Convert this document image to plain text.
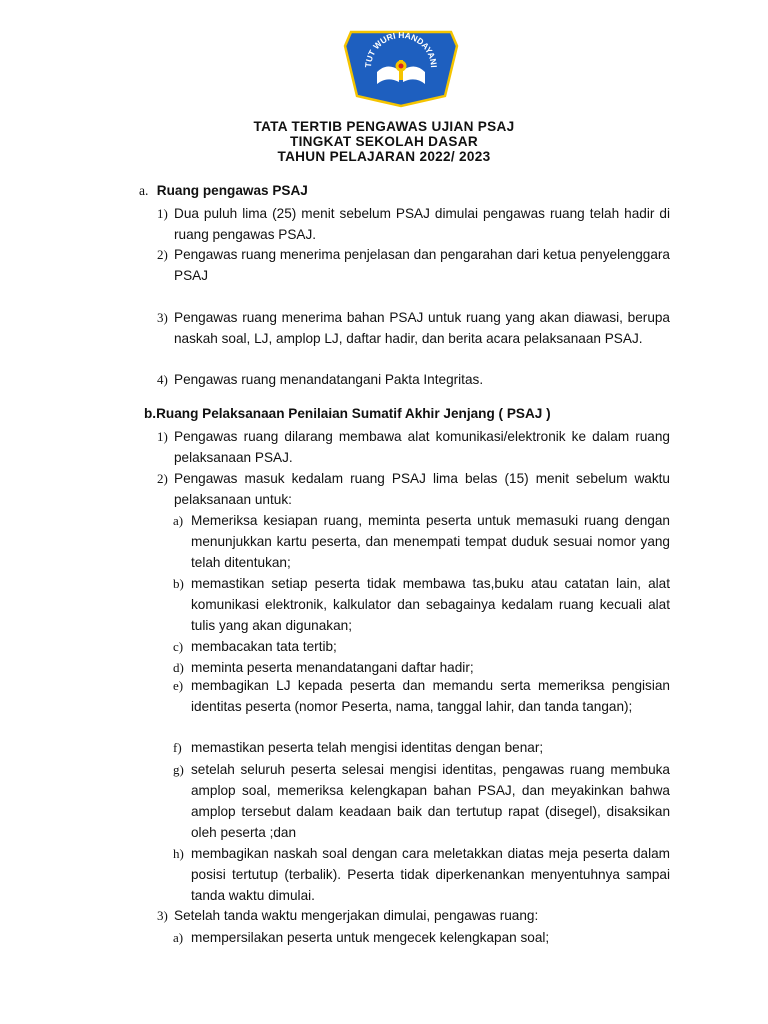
TUT WURI HANDAYANI
TATA TERTIB PENGAWAS UJIAN PSAJ
TINGKAT SEKOLAH DASAR
TAHUN PELAJARAN 2022/ 2023
a. Ruang pengawas PSAJ
1) Dua puluh lima (25) menit sebelum PSAJ dimulai pengawas ruang telah hadir di ruang pengawas PSAJ.
2) Pengawas ruang menerima penjelasan dan pengarahan dari ketua penyelenggara PSAJ
3) Pengawas ruang menerima bahan PSAJ untuk ruang yang akan diawasi, berupa naskah soal, LJ, amplop LJ, daftar hadir, dan berita acara pelaksanaan PSAJ.
4) Pengawas ruang menandatangani Pakta Integritas.
b.Ruang Pelaksanaan Penilaian Sumatif Akhir Jenjang ( PSAJ )
1) Pengawas ruang dilarang membawa alat komunikasi/elektronik ke dalam ruang pelaksanaan PSAJ.
2) Pengawas masuk kedalam ruang PSAJ lima belas (15) menit sebelum waktu pelaksanaan untuk:
a) Memeriksa kesiapan ruang, meminta peserta untuk memasuki ruang dengan menunjukkan kartu peserta, dan menempati tempat duduk sesuai nomor yang telah ditentukan;
b) memastikan setiap peserta tidak membawa tas,buku atau catatan lain, alat komunikasi elektronik, kalkulator dan sebagainya kedalam ruang kecuali alat tulis yang akan digunakan;
c) membacakan tata tertib;
d) meminta peserta menandatangani daftar hadir;
e) membagikan LJ kepada peserta dan memandu serta memeriksa pengisian identitas peserta (nomor Peserta, nama, tanggal lahir, dan tanda tangan);
f) memastikan peserta telah mengisi identitas dengan benar;
g) setelah seluruh peserta selesai mengisi identitas, pengawas ruang membuka amplop soal, memeriksa kelengkapan bahan PSAJ, dan meyakinkan bahwa amplop tersebut dalam keadaan baik dan tertutup rapat (disegel), disaksikan oleh peserta ;dan
h) membagikan naskah soal dengan cara meletakkan diatas meja peserta dalam posisi tertutup (terbalik). Peserta tidak diperkenankan menyentuhnya sampai tanda waktu dimulai.
3) Setelah tanda waktu mengerjakan dimulai, pengawas ruang:
a) mempersilakan peserta untuk mengecek kelengkapan soal;
